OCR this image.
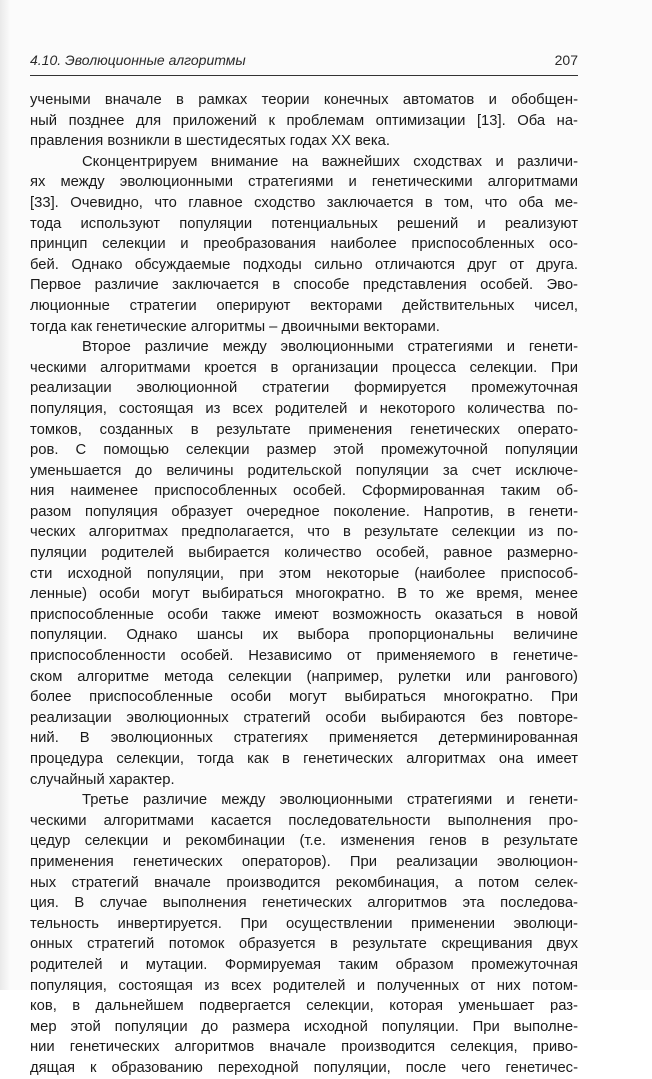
4.10. Эволюционные алгоритмы	207
учеными вначале в рамках теории конечных автоматов и обобщен-
ный позднее для приложений к проблемам оптимизации [13]. Оба на-
правления возникли в шестидесятых годах XX века.
Сконцентрируем внимание на важнейших сходствах и различи-
ях между эволюционными стратегиями и генетическими алгоритмами
[33]. Очевидно, что главное сходство заключается в том, что оба ме-
тода используют популяции потенциальных решений и реализуют
принцип селекции и преобразования наиболее приспособленных осо-
бей. Однако обсуждаемые подходы сильно отличаются друг от друга.
Первое различие заключается в способе представления особей. Эво-
люционные стратегии оперируют векторами действительных чисел,
тогда как генетические алгоритмы – двоичными векторами.
Второе различие между эволюционными стратегиями и генети-
ческими алгоритмами кроется в организации процесса селекции. При
реализации эволюционной стратегии формируется промежуточная
популяция, состоящая из всех родителей и некоторого количества по-
томков, созданных в результате применения генетических операто-
ров. С помощью селекции размер этой промежуточной популяции
уменьшается до величины родительской популяции за счет исключе-
ния наименее приспособленных особей. Сформированная таким об-
разом популяция образует очередное поколение. Напротив, в генети-
ческих алгоритмах предполагается, что в результате селекции из по-
пуляции родителей выбирается количество особей, равное размерно-
сти исходной популяции, при этом некоторые (наиболее приспособ-
ленные) особи могут выбираться многократно. В то же время, менее
приспособленные особи также имеют возможность оказаться в новой
популяции. Однако шансы их выбора пропорциональны величине
приспособленности особей. Независимо от применяемого в генетиче-
ском алгоритме метода селекции (например, рулетки или рангового)
более приспособленные особи могут выбираться многократно. При
реализации эволюционных стратегий особи выбираются без повторе-
ний. В эволюционных стратегиях применяется детерминированная
процедура селекции, тогда как в генетических алгоритмах она имеет
случайный характер.
Третье различие между эволюционными стратегиями и генети-
ческими алгоритмами касается последовательности выполнения про-
цедур селекции и рекомбинации (т.е. изменения генов в результате
применения генетических операторов). При реализации эволюцион-
ных стратегий вначале производится рекомбинация, а потом селек-
ция. В случае выполнения генетических алгоритмов эта последова-
тельность инвертируется. При осуществлении применении эволюци-
онных стратегий потомок образуется в результате скрещивания двух
родителей и мутации. Формируемая таким образом промежуточная
популяция, состоящая из всех родителей и полученных от них потом-
ков, в дальнейшем подвергается селекции, которая уменьшает раз-
мер этой популяции до размера исходной популяции. При выполне-
нии генетических алгоритмов вначале производится селекция, приво-
дящая к образованию переходной популяции, после чего генетичес-
